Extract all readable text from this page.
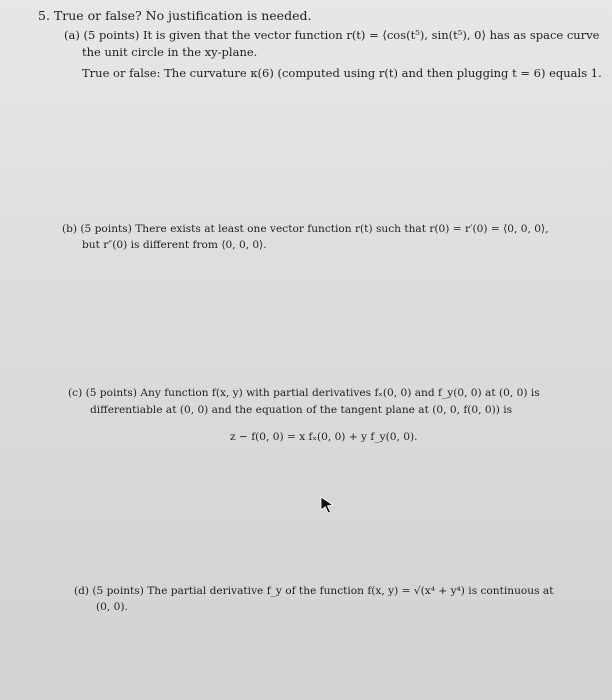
5. True or false? No justification is needed.
(a) (5 points) It is given that the vector function r(t) = ⟨cos(t⁵), sin(t⁵), 0⟩ has as space curve
the unit circle in the xy-plane.
True or false: The curvature κ(6) (computed using r(t) and then plugging t = 6) equals 1.
(b) (5 points) There exists at least one vector function r(t) such that r(0) = r′(0) = ⟨0, 0, 0⟩,
but r″(0) is different from ⟨0, 0, 0⟩.
(c) (5 points) Any function f(x, y) with partial derivatives fₓ(0, 0) and f_y(0, 0) at (0, 0) is
differentiable at (0, 0) and the equation of the tangent plane at (0, 0, f(0, 0)) is
z − f(0, 0) = x fₓ(0, 0) + y f_y(0, 0).
(d) (5 points) The partial derivative f_y of the function f(x, y) = √(x⁴ + y⁴) is continuous at
(0, 0).
